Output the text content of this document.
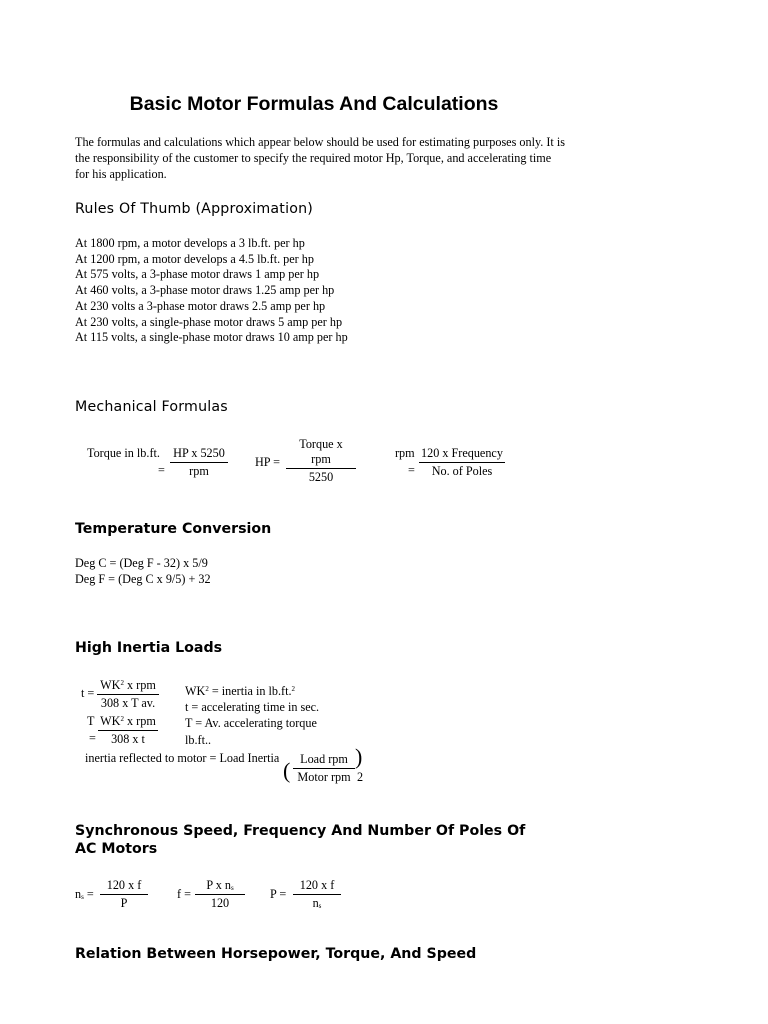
Basic Motor Formulas And Calculations
The formulas and calculations which appear below should be used for estimating purposes only. It is the responsibility of the customer to specify the required motor Hp, Torque, and accelerating time for his application.
Rules Of Thumb (Approximation)
At 1800 rpm, a motor develops a 3 lb.ft. per hp
At 1200 rpm, a motor develops a 4.5 lb.ft. per hp
At 575 volts, a 3-phase motor draws 1 amp per hp
At 460 volts, a 3-phase motor draws 1.25 amp per hp
At 230 volts a 3-phase motor draws 2.5 amp per hp
At 230 volts, a single-phase motor draws 5 amp per hp
At 115 volts, a single-phase motor draws 10 amp per hp
Mechanical Formulas
Torque in lb.ft.
=
HP x 5250
rpm
HP =
Torque x
rpm
5250
rpm
=
120 x Frequency
No. of Poles
Temperature Conversion
Deg C = (Deg F - 32) x 5/9
Deg F = (Deg C x 9/5) + 32
High Inertia Loads
t =
$WK^2$ x rpm
308 x T av.
T
=
$WK^2$ x rpm
308 x t
$WK^2$ = inertia in lb.ft.$^2$
t = accelerating time in sec.
T = Av. accelerating torque
lb.ft..
inertia reflected to motor = Load Inertia ( Load rpm
Motor rpm
)
2
Synchronous Speed, Frequency And Number Of Poles Of AC Motors
ns = $\frac{\text{120 x f}}{P}$ $f = \frac{\text{P x ns}}{120}$ $P = \frac{\text{120 x f}}{ns}$
Relation Between Horsepower, Torque, And Speed
